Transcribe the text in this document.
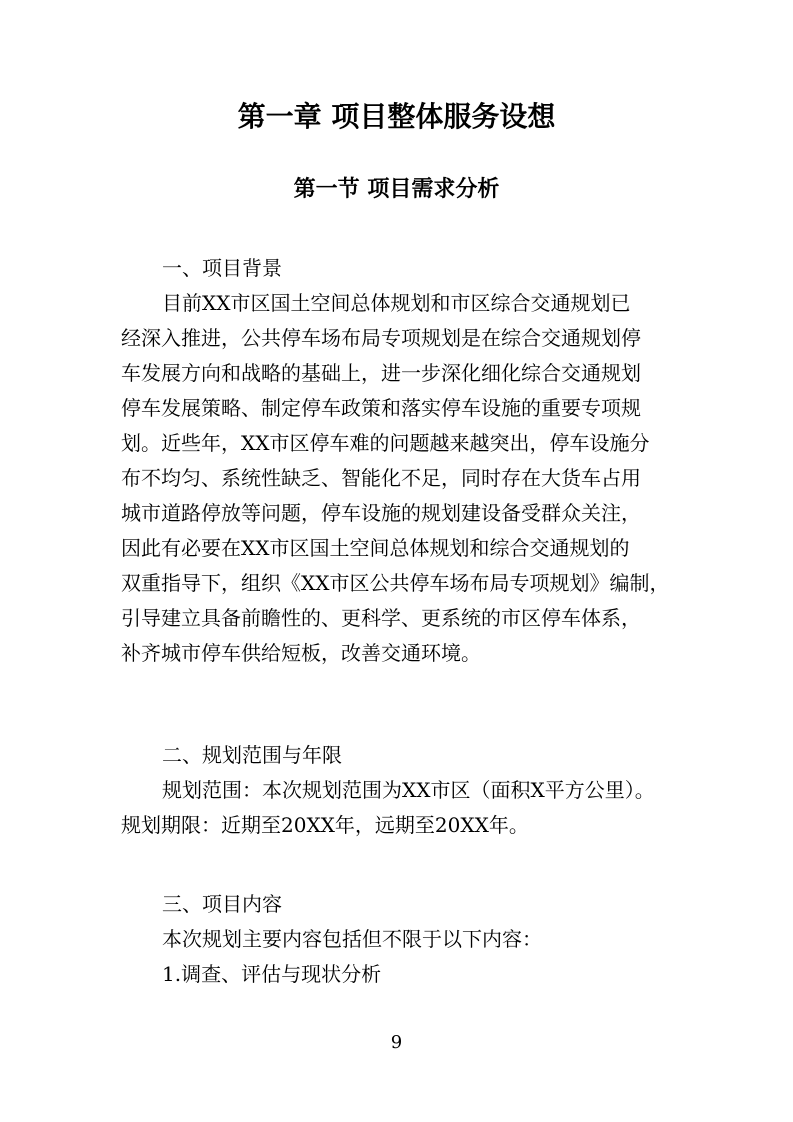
第一章 项目整体服务设想
第一节 项目需求分析
一、项目背景
目前XX市区国土空间总体规划和市区综合交通规划已
经深入推进，公共停车场布局专项规划是在综合交通规划停
车发展方向和战略的基础上，进一步深化细化综合交通规划
停车发展策略、制定停车政策和落实停车设施的重要专项规
划。近些年，XX市区停车难的问题越来越突出，停车设施分
布不均匀、系统性缺乏、智能化不足，同时存在大货车占用
城市道路停放等问题，停车设施的规划建设备受群众关注，
因此有必要在XX市区国土空间总体规划和综合交通规划的
双重指导下，组织《XX市区公共停车场布局专项规划》编制，
引导建立具备前瞻性的、更科学、更系统的市区停车体系，
补齐城市停车供给短板，改善交通环境。
二、规划范围与年限
规划范围：本次规划范围为XX市区（面积X平方公里）。
规划期限：近期至20XX年，远期至20XX年。
三、项目内容
本次规划主要内容包括但不限于以下内容：
1.调查、评估与现状分析
9
